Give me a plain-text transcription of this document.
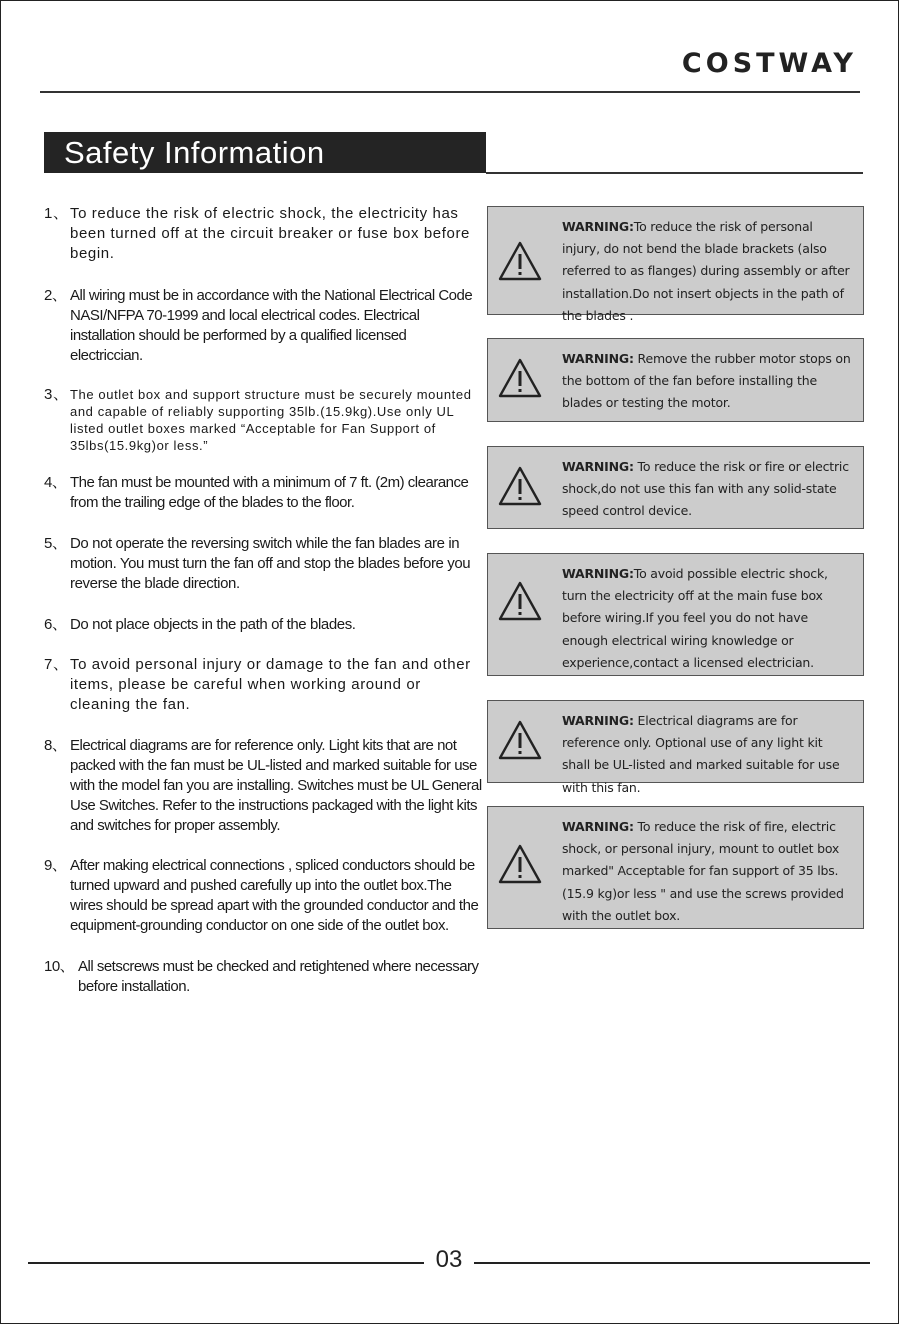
COSTWAY
Safety Information
1、 To reduce the risk of electric shock, the electricity has been turned off at the circuit breaker or fuse box before begin.
2、 All wiring must be in accordance with the National Electrical Code NASI/NFPA 70-1999 and local electrical codes. Electrical installation should be performed by a qualified licensed electriccian.
3、 The outlet box and support structure must be securely mounted and capable of reliably supporting 35lb.(15.9kg).Use only UL listed outlet boxes marked “Acceptable for Fan Support of 35lbs(15.9kg)or less.”
4、 The fan must be mounted with a minimum of 7 ft. (2m) clearance from the trailing edge of the blades to the floor.
5、 Do not operate the reversing switch while the fan blades are in motion. You must turn the fan off and stop the blades before you reverse the blade direction.
6、 Do not place objects in the path of the blades.
7、 To avoid personal injury or damage to the fan and other items, please be careful when working around or cleaning the fan.
8、 Electrical diagrams are for reference only. Light kits that are not packed with the fan must be UL-listed and marked suitable for use with the model fan you are installing. Switches must be UL General Use Switches. Refer to the instructions packaged with the light kits and switches for proper assembly.
9、 After making electrical connections , spliced conductors should be turned upward and pushed carefully up into the outlet box.The wires should be spread apart with the grounded conductor and the equipment-grounding conductor on one side of the outlet box.
10、 All setscrews must be checked and retightened where necessary before installation.
WARNING:To reduce the risk of personal injury, do not bend the blade brackets (also referred to as flanges) during assembly or after installation.Do not insert objects in the path of the blades .
WARNING: Remove the rubber motor stops on the bottom of the fan before installing the blades or testing the motor.
WARNING: To reduce the risk or fire or electric shock,do not use this fan with any solid-state speed control device.
WARNING:To avoid possible electric shock, turn the electricity off at the main fuse box before wiring.If you feel you do not have enough electrical wiring knowledge or experience,contact a licensed electrician.
WARNING: Electrical diagrams are for reference only. Optional use of any light kit shall be UL-listed and marked suitable for use with this fan.
WARNING: To reduce the risk of fire, electric shock, or personal injury, mount to outlet box marked" Acceptable for fan support of 35 lbs.(15.9 kg)or less " and use the screws provided with the outlet box.
03
